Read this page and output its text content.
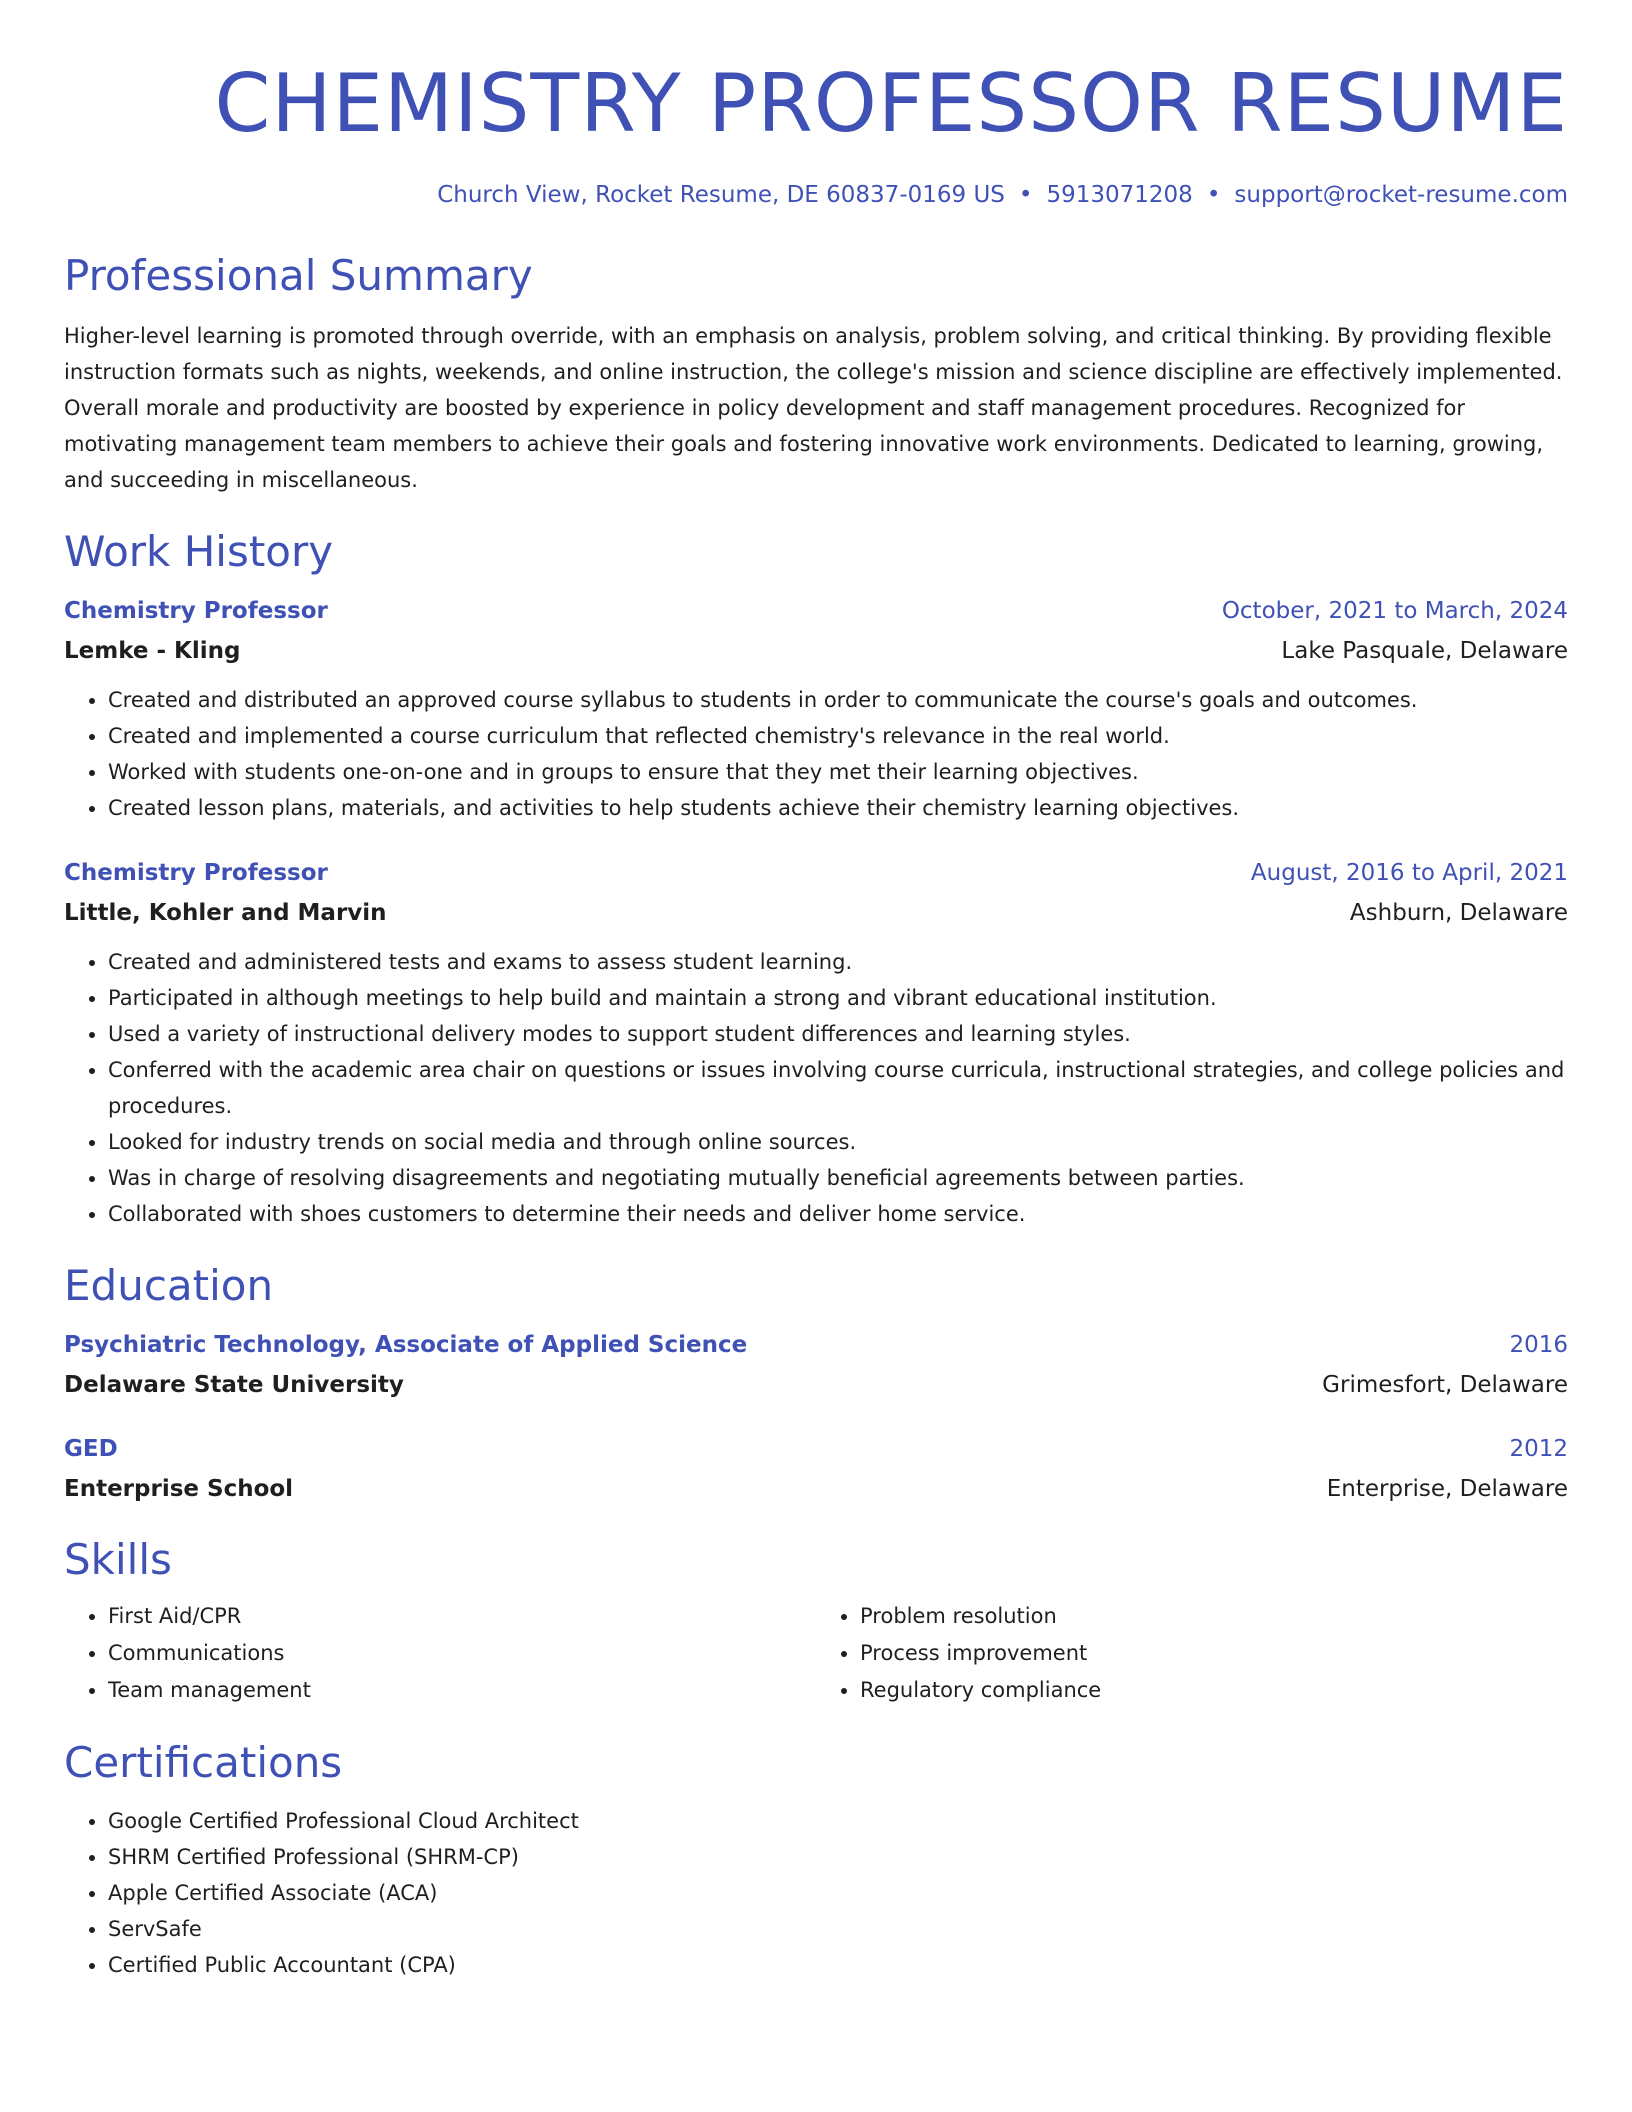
CHEMISTRY PROFESSOR RESUME
Church View, Rocket Resume, DE 60837-0169 US • 5913071208 • support@rocket-resume.com
Professional Summary
Higher-level learning is promoted through override, with an emphasis on analysis, problem solving, and critical thinking. By providing flexible instruction formats such as nights, weekends, and online instruction, the college's mission and science discipline are effectively implemented. Overall morale and productivity are boosted by experience in policy development and staff management procedures. Recognized for motivating management team members to achieve their goals and fostering innovative work environments. Dedicated to learning, growing, and succeeding in miscellaneous.
Work History
Chemistry Professor	October, 2021 to March, 2024
Lemke - Kling	Lake Pasquale, Delaware
• Created and distributed an approved course syllabus to students in order to communicate the course's goals and outcomes.
• Created and implemented a course curriculum that reflected chemistry's relevance in the real world.
• Worked with students one-on-one and in groups to ensure that they met their learning objectives.
• Created lesson plans, materials, and activities to help students achieve their chemistry learning objectives.
Chemistry Professor	August, 2016 to April, 2021
Little, Kohler and Marvin	Ashburn, Delaware
• Created and administered tests and exams to assess student learning.
• Participated in although meetings to help build and maintain a strong and vibrant educational institution.
• Used a variety of instructional delivery modes to support student differences and learning styles.
• Conferred with the academic area chair on questions or issues involving course curricula, instructional strategies, and college policies and procedures.
• Looked for industry trends on social media and through online sources.
• Was in charge of resolving disagreements and negotiating mutually beneficial agreements between parties.
• Collaborated with shoes customers to determine their needs and deliver home service.
Education
Psychiatric Technology, Associate of Applied Science	2016
Delaware State University	Grimesfort, Delaware
GED	2012
Enterprise School	Enterprise, Delaware
Skills
• First Aid/CPR
• Communications
• Team management
• Problem resolution
• Process improvement
• Regulatory compliance
Certifications
• Google Certified Professional Cloud Architect
• SHRM Certified Professional (SHRM-CP)
• Apple Certified Associate (ACA)
• ServSafe
• Certified Public Accountant (CPA)
